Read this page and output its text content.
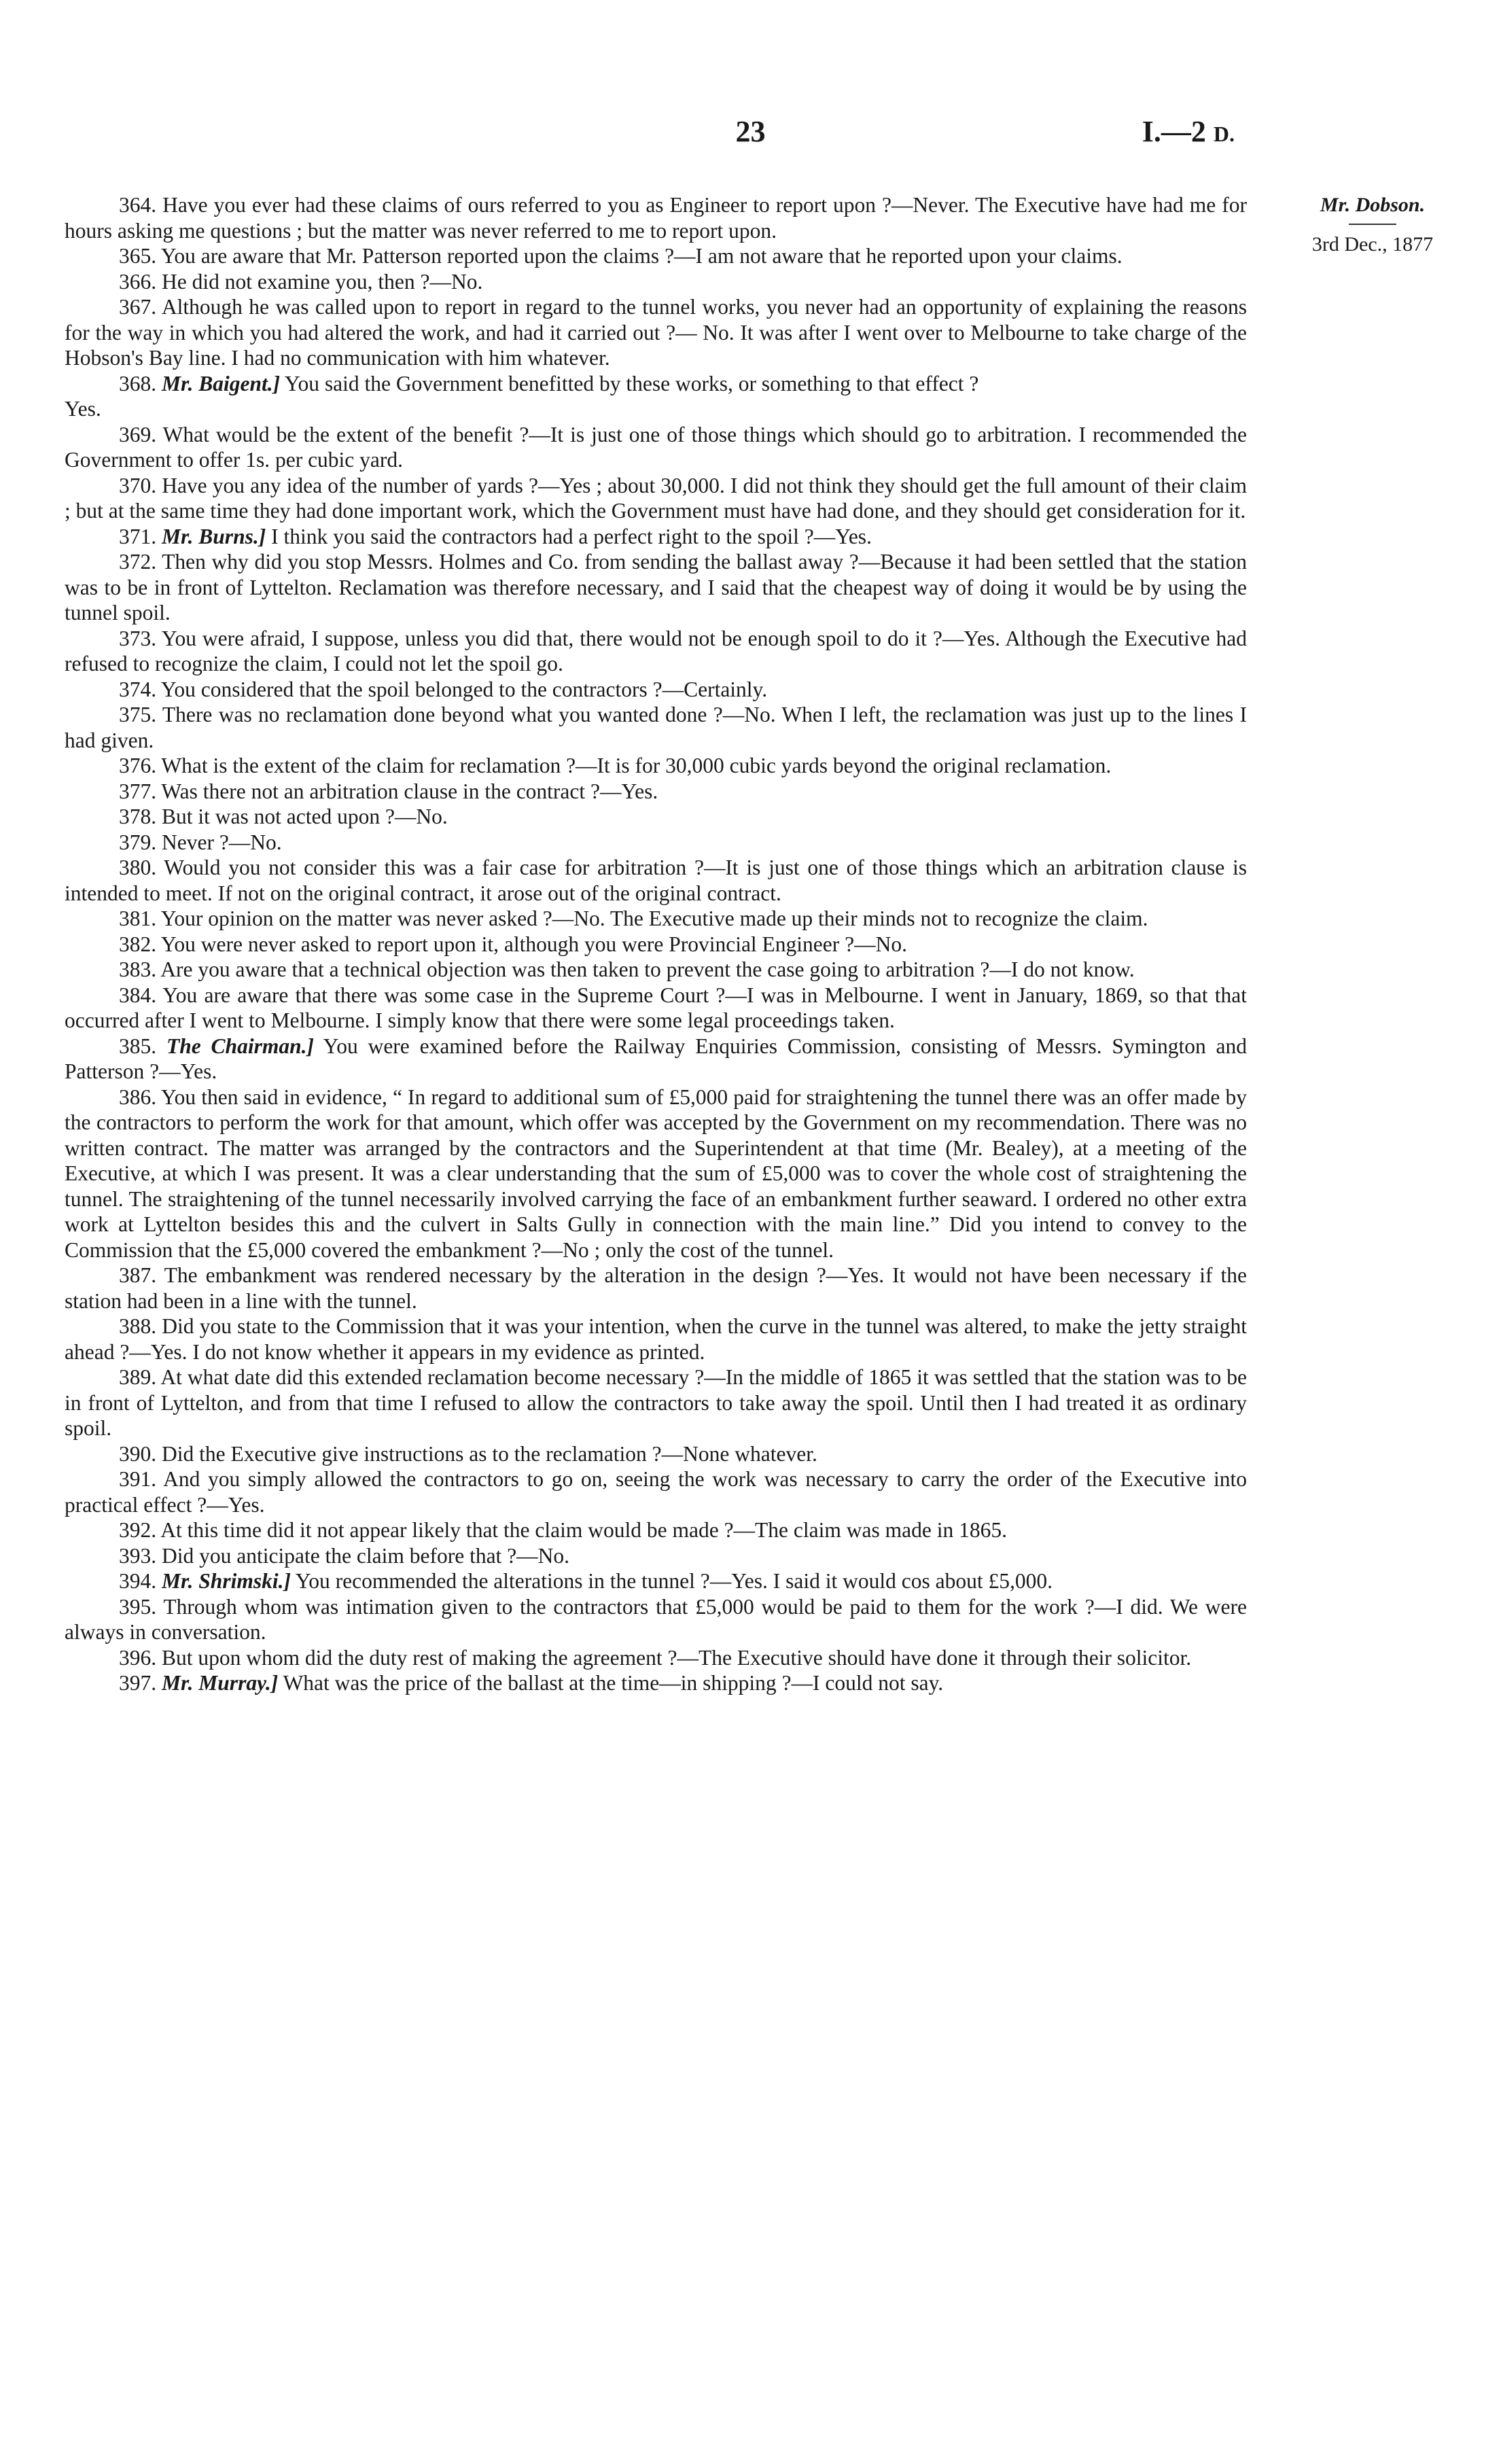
23	I.—2 D.
Mr. Dobson.
3rd Dec., 1877

364. Have you ever had these claims of ours referred to you as Engineer to report upon ?—Never. The Executive have had me for hours asking me questions ; but the matter was never referred to me to report upon.

365. You are aware that Mr. Patterson reported upon the claims ?—I am not aware that he reported upon your claims.

366. He did not examine you, then ?—No.

367. Although he was called upon to report in regard to the tunnel works, you never had an opportunity of explaining the reasons for the way in which you had altered the work, and had it carried out ?— No. It was after I went over to Melbourne to take charge of the Hobson's Bay line. I had no communication with him whatever.

368. Mr. Baigent.] You said the Government benefitted by these works, or something to that effect ?

Yes.

369. What would be the extent of the benefit ?—It is just one of those things which should go to arbitration. I recommended the Government to offer 1s. per cubic yard.

370. Have you any idea of the number of yards ?—Yes ; about 30,000. I did not think they should get the full amount of their claim ; but at the same time they had done important work, which the Government must have had done, and they should get consideration for it.

371. Mr. Burns.] I think you said the contractors had a perfect right to the spoil ?—Yes.

372. Then why did you stop Messrs. Holmes and Co. from sending the ballast away ?—Because it had been settled that the station was to be in front of Lyttelton. Reclamation was therefore necessary, and I said that the cheapest way of doing it would be by using the tunnel spoil.

373. You were afraid, I suppose, unless you did that, there would not be enough spoil to do it ?—Yes. Although the Executive had refused to recognize the claim, I could not let the spoil go.

374. You considered that the spoil belonged to the contractors ?—Certainly.

375. There was no reclamation done beyond what you wanted done ?—No. When I left, the reclamation was just up to the lines I had given.

376. What is the extent of the claim for reclamation ?—It is for 30,000 cubic yards beyond the original reclamation.

377. Was there not an arbitration clause in the contract ?—Yes.

378. But it was not acted upon ?—No.

379. Never ?—No.

380. Would you not consider this was a fair case for arbitration ?—It is just one of those things which an arbitration clause is intended to meet. If not on the original contract, it arose out of the original contract.

381. Your opinion on the matter was never asked ?—No. The Executive made up their minds not to recognize the claim.

382. You were never asked to report upon it, although you were Provincial Engineer ?—No.

383. Are you aware that a technical objection was then taken to prevent the case going to arbitration ?—I do not know.

384. You are aware that there was some case in the Supreme Court ?—I was in Melbourne. I went in January, 1869, so that that occurred after I went to Melbourne. I simply know that there were some legal proceedings taken.

385. The Chairman.] You were examined before the Railway Enquiries Commission, consisting of Messrs. Symington and Patterson ?—Yes.

386. You then said in evidence, “ In regard to additional sum of £5,000 paid for straightening the tunnel there was an offer made by the contractors to perform the work for that amount, which offer was accepted by the Government on my recommendation. There was no written contract. The matter was arranged by the contractors and the Superintendent at that time (Mr. Bealey), at a meeting of the Executive, at which I was present. It was a clear understanding that the sum of £5,000 was to cover the whole cost of straightening the tunnel. The straightening of the tunnel necessarily involved carrying the face of an embankment further seaward. I ordered no other extra work at Lyttelton besides this and the culvert in Salts Gully in connection with the main line.” Did you intend to convey to the Commission that the £5,000 covered the embankment ?—No ; only the cost of the tunnel.

387. The embankment was rendered necessary by the alteration in the design ?—Yes. It would not have been necessary if the station had been in a line with the tunnel.

388. Did you state to the Commission that it was your intention, when the curve in the tunnel was altered, to make the jetty straight ahead ?—Yes. I do not know whether it appears in my evidence as printed.

389. At what date did this extended reclamation become necessary ?—In the middle of 1865 it was settled that the station was to be in front of Lyttelton, and from that time I refused to allow the contractors to take away the spoil. Until then I had treated it as ordinary spoil.

390. Did the Executive give instructions as to the reclamation ?—None whatever.

391. And you simply allowed the contractors to go on, seeing the work was necessary to carry the order of the Executive into practical effect ?—Yes.

392. At this time did it not appear likely that the claim would be made ?—The claim was made in 1865.

393. Did you anticipate the claim before that ?—No.

394. Mr. Shrimski.] You recommended the alterations in the tunnel ?—Yes. I said it would cos about £5,000.

395. Through whom was intimation given to the contractors that £5,000 would be paid to them for the work ?—I did. We were always in conversation.

396. But upon whom did the duty rest of making the agreement ?—The Executive should have done it through their solicitor.

397. Mr. Murray.] What was the price of the ballast at the time—in shipping ?—I could not say.
